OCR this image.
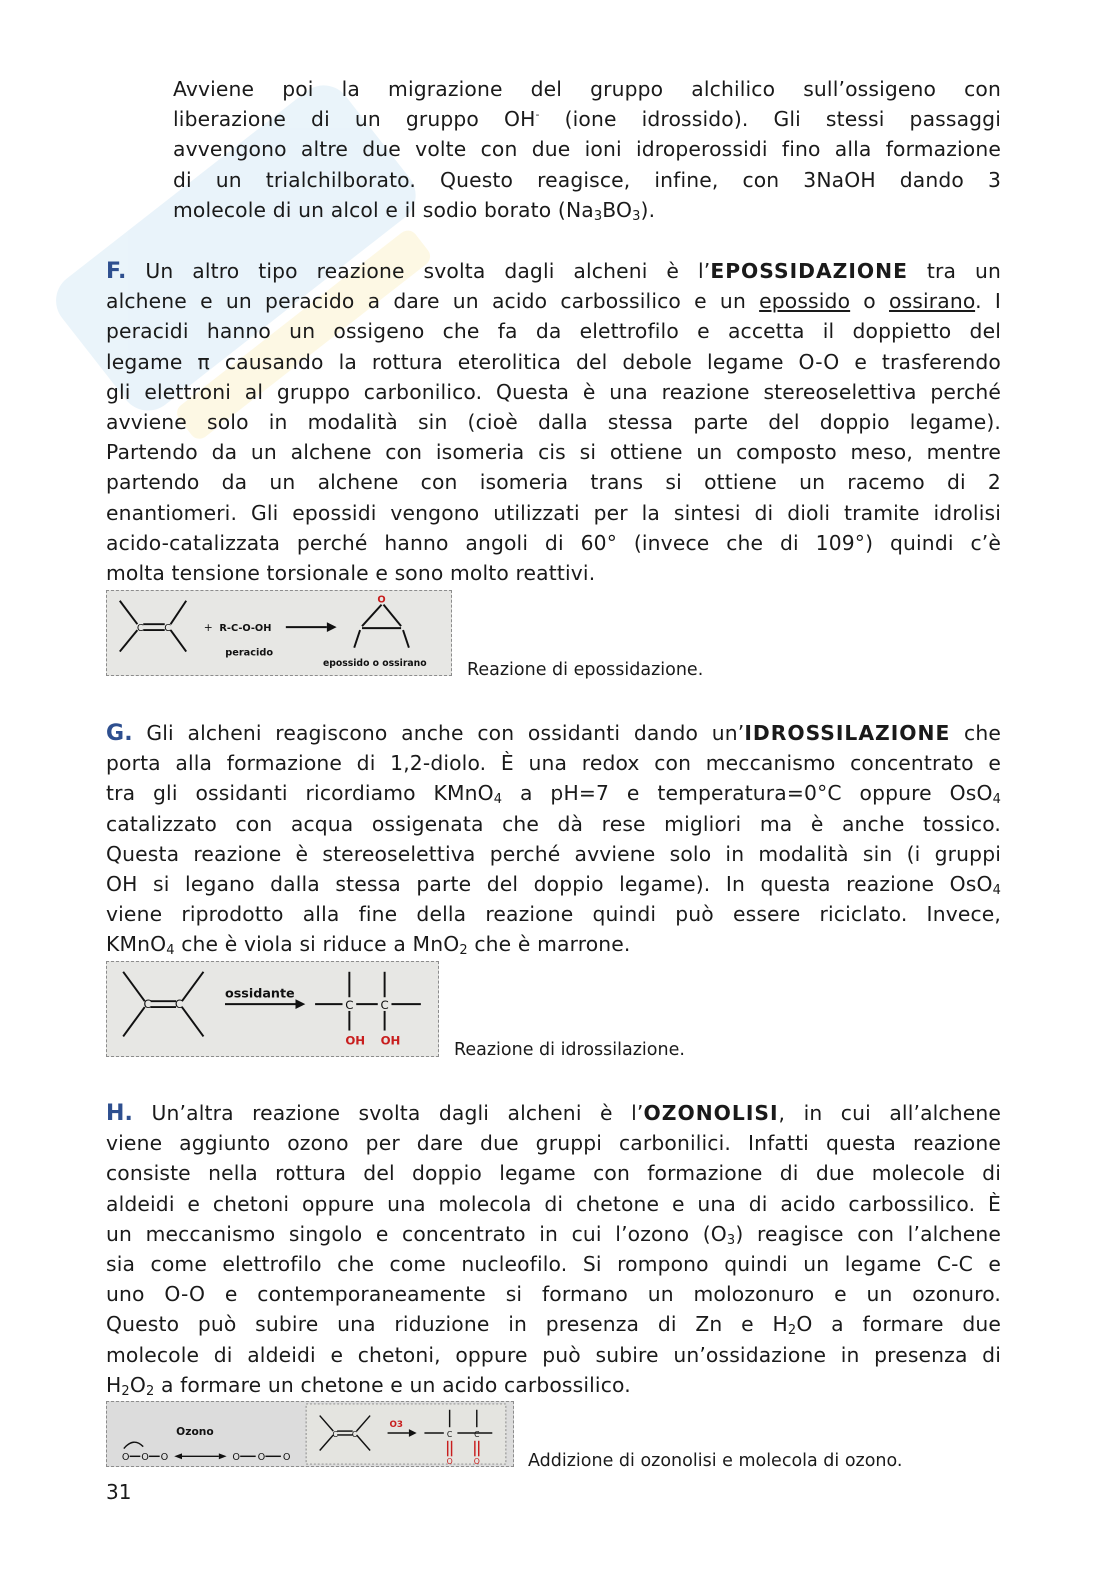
Avviene poi la migrazione del gruppo alchilico sull’ossigeno con
liberazione di un gruppo OH- (ione idrossido). Gli stessi passaggi
avvengono altre due volte con due ioni idroperossidi fino alla formazione
di un trialchilborato. Questo reagisce, infine, con 3NaOH dando 3
molecole di un alcol e il sodio borato $(Na_3BO_3)$.
F. Un altro tipo reazione svolta dagli alcheni è l’EPOSSIDAZIONE tra un
alchene e un peracido a dare un acido carbossilico e un epossido o ossirano. I
peracidi hanno un ossigeno che fa da elettrofilo e accetta il doppietto del
legame π causando la rottura eterolitica del debole legame O-O e trasferendo
gli elettroni al gruppo carbonilico. Questa è una reazione stereoselettiva perché
avviene solo in modalità sin (cioè dalla stessa parte del doppio legame).
Partendo da un alchene con isomeria cis si ottiene un composto meso, mentre
partendo da un alchene con isomeria trans si ottiene un racemo di 2
enantiomeri. Gli epossidi vengono utilizzati per la sintesi di dioli tramite idrolisi
acido-catalizzata perché hanno angoli di 60° (invece che di 109°) quindi c’è
molta tensione torsionale e sono molto reattivi.
C C	+ R-C-O-OH
peracido
O
epossido o ossirano Reazione di epossidazione.
G. Gli alcheni reagiscono anche con ossidanti dando un’IDROSSILAZIONE che
porta alla formazione di 1,2-diolo. È una redox con meccanismo concentrato e
tra gli ossidanti ricordiamo KMnO$_4$ a pH=7 e temperatura=0°C oppure OsO$_4$
catalizzato con acqua ossigenata che dà rese migliori ma è anche tossico.
Questa reazione è stereoselettiva perché avviene solo in modalità sin (i gruppi
OH si legano dalla stessa parte del doppio legame). In questa reazione OsO$_4$
viene riprodotto alla fine della reazione quindi può essere riciclato. Invece,
KMnO$_4$ che è viola si riduce a MnO$_2$ che è marrone.
C C
ossidante
C C
OH OH	Reazione di idrossilazione.
H. Un’altra reazione svolta dagli alcheni è l’OZONOLISI, in cui all’alchene
viene aggiunto ozono per dare due gruppi carbonilici. Infatti questa reazione
consiste nella rottura del doppio legame con formazione di due molecole di
aldeidi e chetoni oppure una molecola di chetone e una di acido carbossilico. È
un meccanismo singolo e concentrato in cui l’ozono $(O_3)$ reagisce con l’alchene
sia come elettrofilo che come nucleofilo. Si rompono quindi un legame C-C e
uno O-O e contemporaneamente si formano un molozonuro e un ozonuro.
Questo può subire una riduzione in presenza di Zn e $H_2O$ a formare due
molecole di aldeidi e chetoni, oppure può subire un’ossidazione in presenza di
$H_2O_2$ a formare un chetone e un acido carbossilico.
Ozono
O O O	O O O
C C	C	C
O3
O	O	Addizione di ozonolisi e molecola di ozono.
31
